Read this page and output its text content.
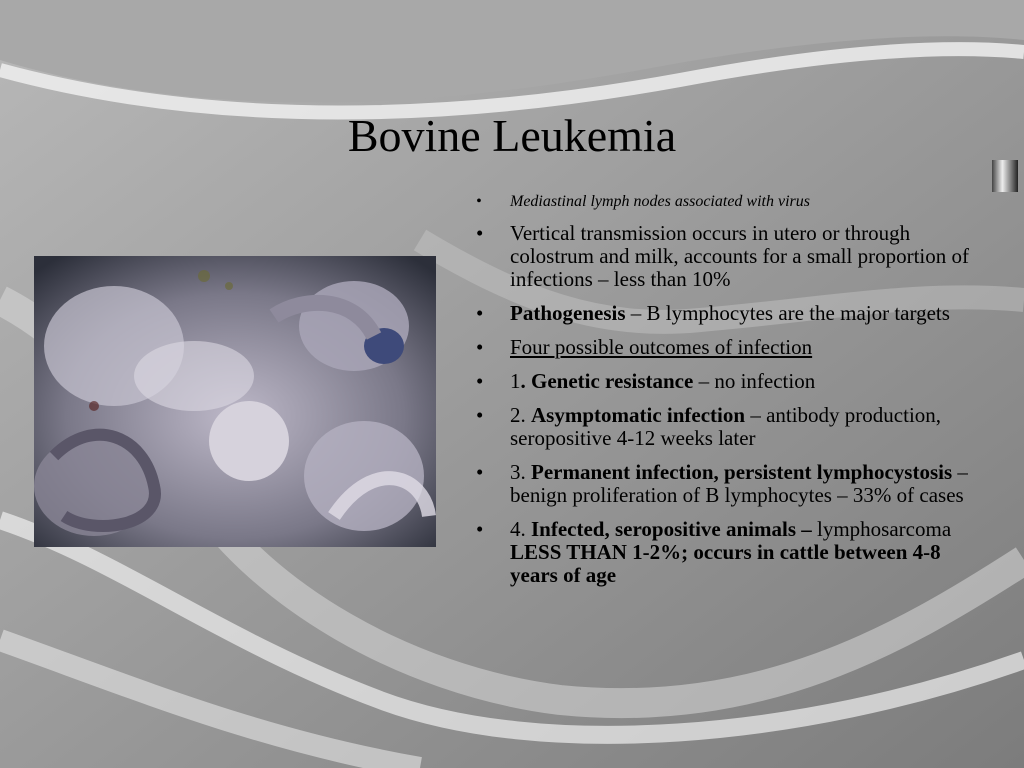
Bovine Leukemia
• Mediastinal lymph nodes associated with virus
• Vertical transmission occurs in utero or through colostrum and milk, accounts for a small proportion of infections – less than 10%
• Pathogenesis – B lymphocytes are the major targets
• Four possible outcomes of infection
• 1. Genetic resistance – no infection
• 2. Asymptomatic infection – antibody production, seropositive 4-12 weeks later
• 3. Permanent infection, persistent lymphocystosis – benign proliferation of B lymphocytes – 33% of cases
• 4. Infected, seropositive animals – lymphosarcoma LESS THAN 1-2%; occurs in cattle between 4-8 years of age
